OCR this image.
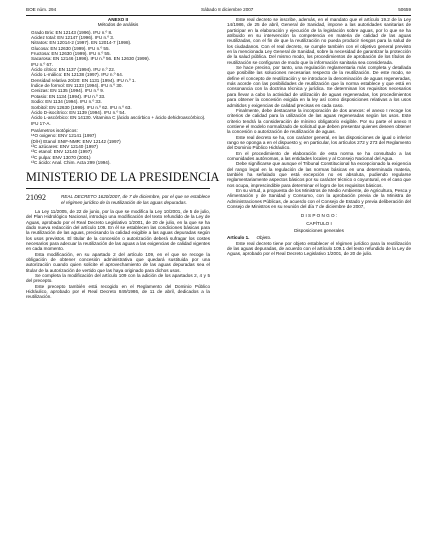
BOE núm. 294	Sábado 8 diciembre 2007	50659
ANEXO II
Métodos de análisis
Grado Brix: EN 12143 (1996). IFU n.º 8.
Acidez total: EN 12147 (1996). IFU n.º 3.
Nitratos: EN 12014-2 (1997). EN 12014-7 (1998).
Glucosa: EN 12630 (1999). IFU n.º 55.
Fructosa: EN 12630 (1999). IFU n.º 55.
Sacarosa: EN 12146 (1996). IFU n.º 56. EN 12630 (1999).
IFU n.º 67.
Ácido cítrico: EN 1137 (1994). IFU n.º 22.
Ácido L-málico: EN 12138 (1997). IFU n.º 64.
Densidad relativa 20/20: EN 1131 (1994). IFU n.º 1.
Índice de formol: EN 1133 (1994). IFU n.º 30.
Cenizas: EN 1135 (1994). IFU n.º 9.
Potasio: EN 1134 (1994). IFU n.º 33.
Sodio: EN 1134 (1994). IFU n.º 33.
Sorbitol: EN 12630 (1999). IFU n.º 62. IFU n.º 63.
Ácido D-isocítrico: EN 1139 (1994). IFU n.º 54.
Ácido L-ascórbico: EN 14130. Vitamina C (ácido ascórbico + ácido dehidroascórbico). IFU 17-A.
Parámetros isotópicos:
¹⁸O oxigeno: ENV 12141 (1997)
(D/H) Etanol SNIF-NMR: ENV 12142 (1997)
¹³C azúcares: ENV 12140 (1997)
¹³C etanol: ENV 12140 (1997)
¹³C pulpa: ENV 13070 (2001)
¹³C ácido: Anal. Chim. Acta 299 (1994).
MINISTERIO DE LA PRESIDENCIA
21092	REAL DECRETO 1620/2007, de 7 de diciembre, por el que se establece el régimen jurídico de la reutilización de las aguas depuradas.

La Ley 11/2005, de 22 de junio, por la que se modifica la Ley 10/2001, de 5 de julio, del Plan Hidrológico Nacional, introdujo una modificación del texto refundido de la Ley de Aguas, aprobado por el Real Decreto Legislativo 1/2001, de 20 de julio, en la que se ha dado nueva redacción del artículo 109. En él se establecen las condiciones básicas para la reutilización de las aguas, precisando la calidad exigible a las aguas depuradas según los usos previstos. El titular de la concesión o autorización deberá sufragar los costes necesarios para adecuar la reutilización de las aguas a las exigencias de calidad vigentes en cada momento.

Esta modificación, en su apartado 2 del artículo 109, en el que se recoge la obligación de obtener concesión administrativa que quedará sustituida por una autorización cuando quien solicite el aprovechamiento de las aguas depuradas sea el titular de la autorización de vertido que las haya originado para dichos usos.

Se completa la modificación del artículo 109 con la adición de los apartados 2, 4 y 5 del precepto.

Este precepto también está recogido en el Reglamento del Dominio Público Hidráulico, aprobado por el Real Decreto 849/1986, de 11 de abril, dedicados a la reutilización.

Este real decreto se inscribe, además, en el mandato que el artículo 19.2 de la Ley 14/1986, de 25 de abril, General de Sanidad, impone a las autoridades sanitarias de participar en la elaboración y ejecución de la legislación sobre aguas, por lo que se ha atribuido en su intervención la competencia en materia de calidad de las aguas reutilizadas, con el fin de que la reutilización no pueda producir riesgos para la salud de los ciudadanos. Con el real decreto, se cumple también con el objetivo general previsto en la mencionada Ley General de Sanidad, sobre la necesidad de garantizar la protección de la salud pública. Del mismo modo, los procedimientos de aprobación de los títulos de reutilización se configuran de modo que la información sanitaria sea considerada.

Se hace preciso, por tanto, una regulación reglamentaria más completa y detallada que posibilite las soluciones necesarias respecto de la reutilización. De este modo, se define el concepto de reutilización y se introduce la denominación de aguas regeneradas, más acorde con las posibilidades de reutilización que la norma establece y que está en consonancia con la doctrina técnica y jurídica. Se determinan los requisitos necesarios para llevar a cabo la actividad de utilización de aguas regeneradas, los procedimientos para obtener la concesión exigida en la ley así como disposiciones relativas a los usos admitidos y exigencias de calidad precisas en cada caso.

Finalmente, debe destacarse la incorporación de dos anexos: el anexo I recoge los criterios de calidad para la utilización de las aguas regeneradas según los usos. Este criterio tendrá la consideración de mínimo obligatorio exigible. Por su parte el anexo II contiene el modelo normalizado de solicitud que deben presentar quienes deseen obtener la concesión o autorización de reutilización de aguas.

Este real decreto se ha, con carácter general, en las disposiciones de igual o inferior rango se oponga a en el dispuesto y, en particular, los artículos 272 y 273 del Reglamento del Dominio Público Hidráulico.

En el procedimiento de elaboración de esta norma se ha consultado a las comunidades autónomas, a las entidades locales y al Consejo Nacional del Agua.

Debe significarse que aunque el Tribunal Constitucional ha excepcionado la exigencia del rango legal en la regulación de las normas básicas en una determinada materia, también ha señalado que está excepción no es absoluta, pudiendo regularse reglamentariamente aspectos básicos por su carácter técnico o coyuntural, en el caso que nos ocupa, imprescindible para determinar el logro de los requisitos básicos.

En su virtud, a propuesta de los Ministros de Medio Ambiente, de Agricultura, Pesca y Alimentación y de Sanidad y Consumo, con la aprobación previa de la Ministra de Administraciones Públicas, de acuerdo con el Consejo de Estado y previa deliberación del Consejo de Ministros en su reunión del día 7 de diciembre de 2007,

D I S P O N G O :
CAPÍTULO I
Disposiciones generales
Artículo 1. Objeto.

Este real decreto tiene por objeto establecer el régimen jurídico para la reutilización de las aguas depuradas, de acuerdo con el artículo 109.1 del texto refundido de la Ley de Aguas, aprobado por el Real Decreto Legislativo 1/2001, de 20 de julio.
